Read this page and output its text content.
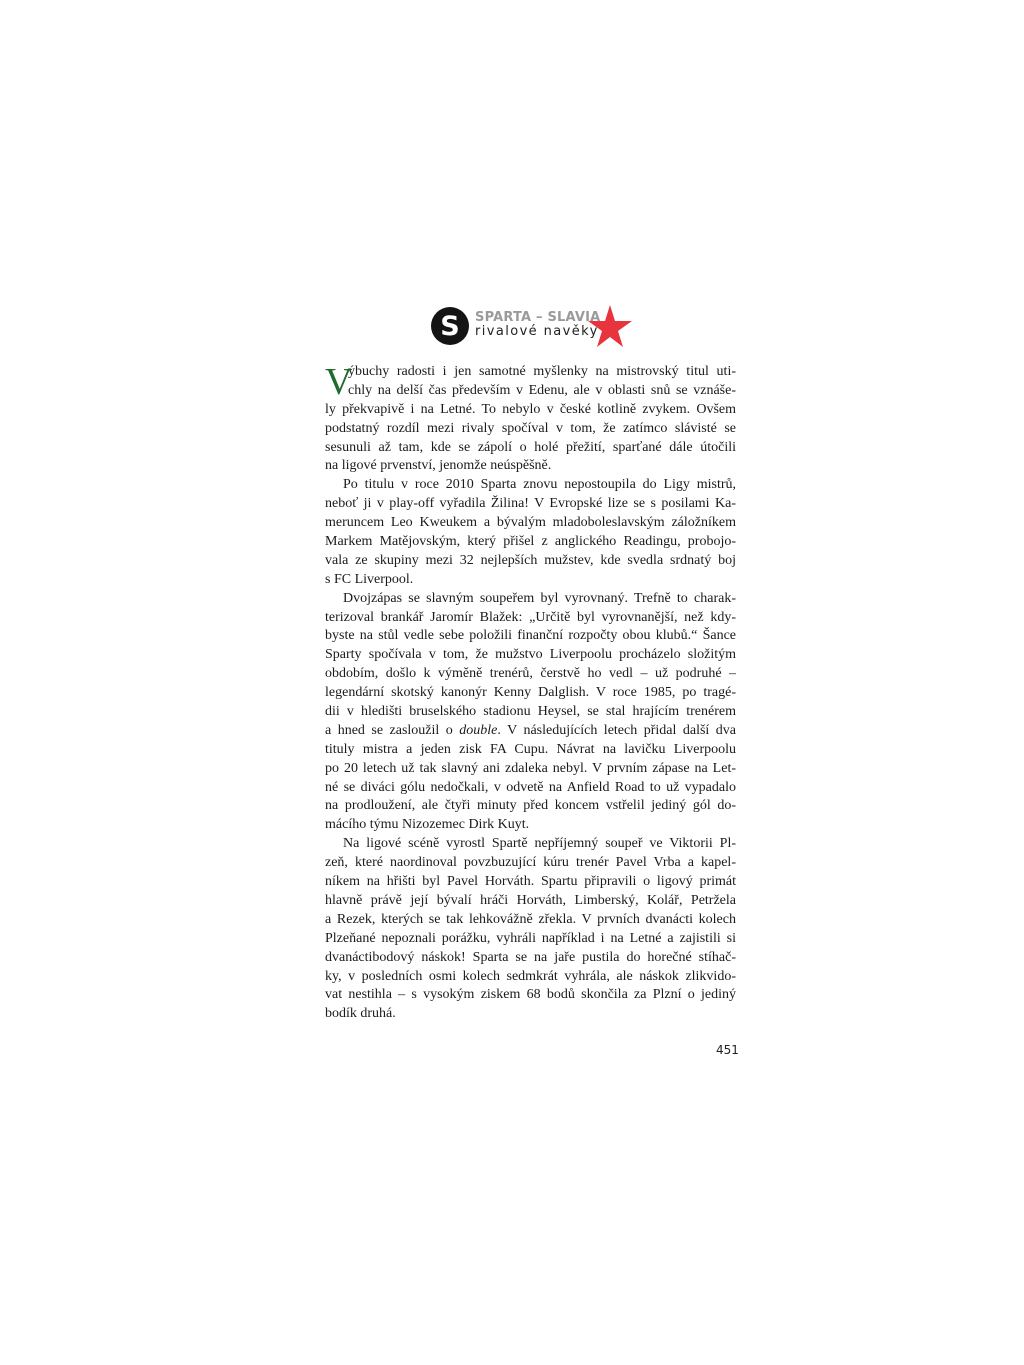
S SPARTA – SLAVIA
rivalové navěky
V
ýbuchy radosti i jen samotné myšlenky na mistrovský titul uti-
chly na delší čas především v Edenu, ale v oblasti snů se vznáše-
ly překvapivě i na Letné. To nebylo v české kotlině zvykem. Ovšem
podstatný rozdíl mezi rivaly spočíval v tom, že zatímco slávisté se
sesunuli až tam, kde se zápolí o holé přežití, sparťané dále útočili
na ligové prvenství, jenomže neúspěšně.
Po titulu v roce 2010 Sparta znovu nepostoupila do Ligy mistrů,
neboť ji v play-off vyřadila Žilina! V Evropské lize se s posilami Ka-
meruncem Leo Kweukem a bývalým mladoboleslavským záložníkem
Markem Matějovským, který přišel z anglického Readingu, probojo-
vala ze skupiny mezi 32 nejlepších mužstev, kde svedla srdnatý boj
s FC Liverpool.
Dvojzápas se slavným soupeřem byl vyrovnaný. Trefně to charak-
terizoval brankář Jaromír Blažek: „Určitě byl vyrovnanější, než kdy-
byste na stůl vedle sebe položili finanční rozpočty obou klubů.“ Šance
Sparty spočívala v tom, že mužstvo Liverpoolu procházelo složitým
obdobím, došlo k výměně trenérů, čerstvě ho vedl – už podruhé –
legendární skotský kanonýr Kenny Dalglish. V roce 1985, po tragé-
dii v hledišti bruselského stadionu Heysel, se stal hrajícím trenérem
a hned se zasloužil o double. V následujících letech přidal další dva
tituly mistra a jeden zisk FA Cupu. Návrat na lavičku Liverpoolu
po 20 letech už tak slavný ani zdaleka nebyl. V prvním zápase na Let-
né se diváci gólu nedočkali, v odvetě na Anfield Road to už vypadalo
na prodloužení, ale čtyři minuty před koncem vstřelil jediný gól do-
mácího týmu Nizozemec Dirk Kuyt.
Na ligové scéně vyrostl Spartě nepříjemný soupeř ve Viktorii Pl-
zeň, které naordinoval povzbuzující kúru trenér Pavel Vrba a kapel-
níkem na hřišti byl Pavel Horváth. Spartu připravili o ligový primát
hlavně právě její bývalí hráči Horváth, Limberský, Kolář, Petržela
a Rezek, kterých se tak lehkovážně zřekla. V prvních dvanácti kolech
Plzeňané nepoznali porážku, vyhráli například i na Letné a zajistili si
dvanáctibodový náskok! Sparta se na jaře pustila do horečné stíhač-
ky, v posledních osmi kolech sedmkrát vyhrála, ale náskok zlikvido-
vat nestihla – s vysokým ziskem 68 bodů skončila za Plzní o jediný
bodík druhá.
451
